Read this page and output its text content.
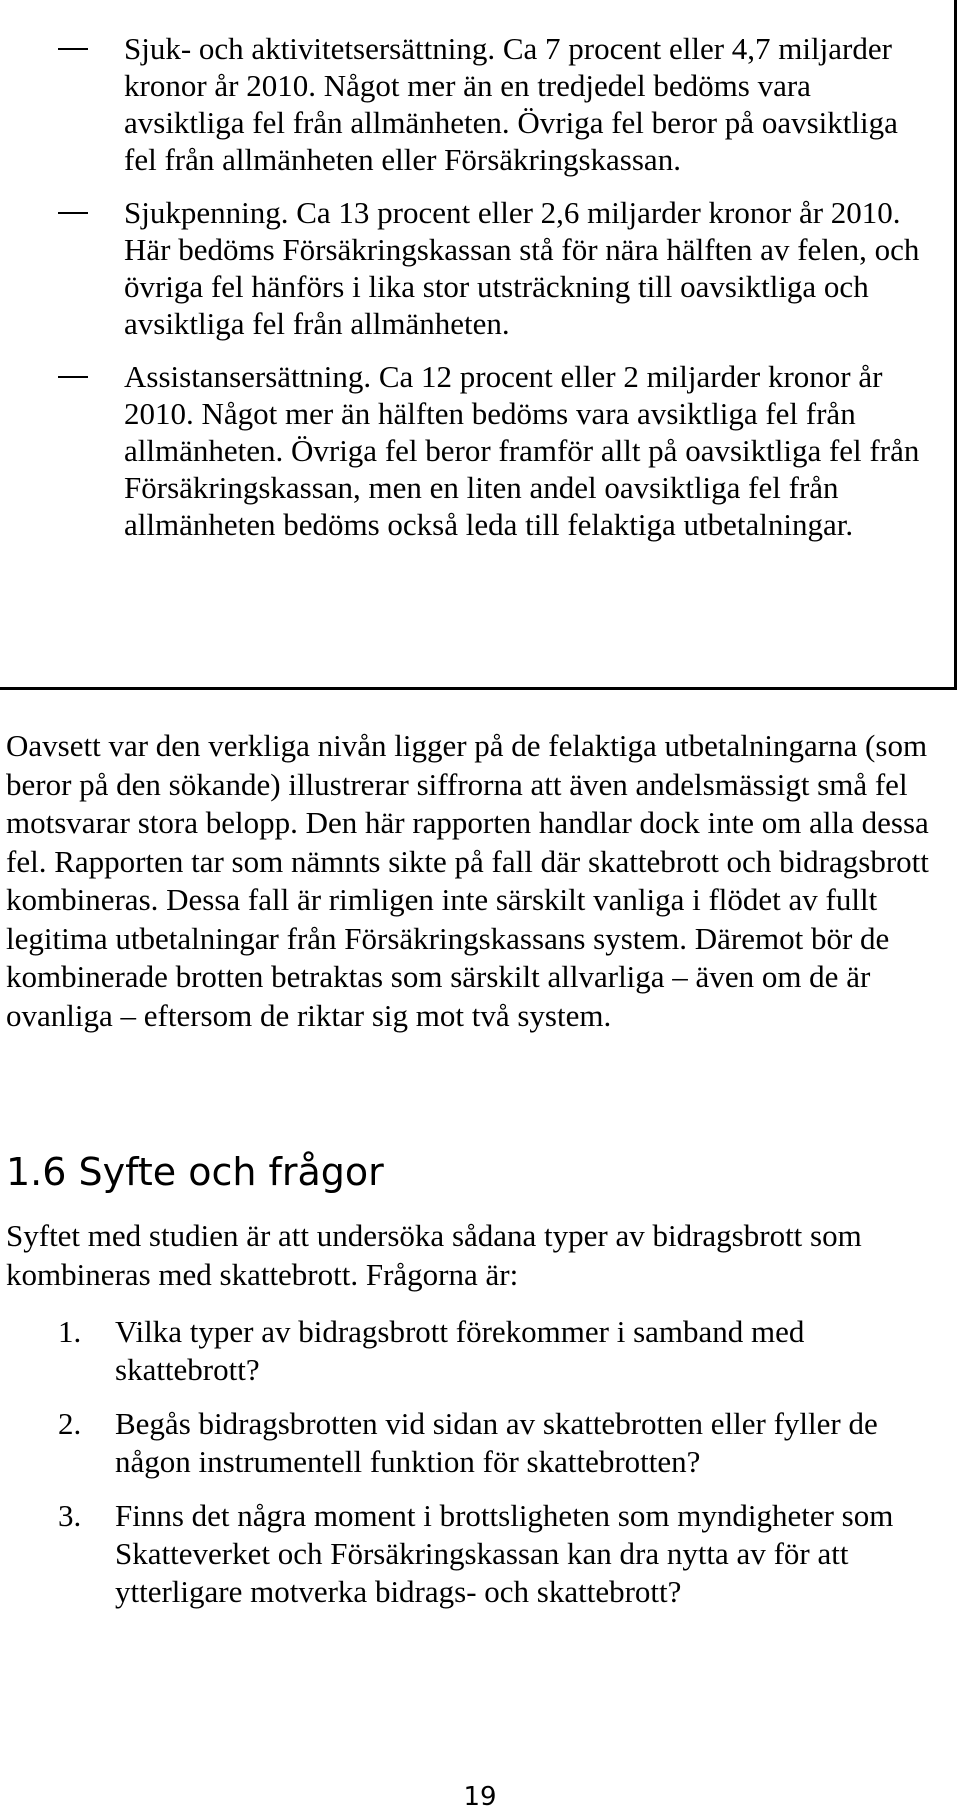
Sjuk- och aktivitetsersättning. Ca 7 procent eller 4,7 miljarder kronor år 2010. Något mer än en tredjedel bedöms vara avsiktliga fel från allmänheten. Övriga fel beror på oavsiktliga fel från allmänheten eller Försäkringskassan.
Sjukpenning. Ca 13 procent eller 2,6 miljarder kronor år 2010. Här bedöms Försäkringskassan stå för nära hälften av felen, och övriga fel hänförs i lika stor utsträckning till oavsiktliga och avsiktliga fel från allmänheten.
Assistansersättning. Ca 12 procent eller 2 miljarder kronor år 2010. Något mer än hälften bedöms vara avsiktliga fel från allmänheten. Övriga fel beror framför allt på oavsiktliga fel från Försäkringskassan, men en liten andel oavsiktliga fel från allmänheten bedöms också leda till felaktiga utbetalningar.

Oavsett var den verkliga nivån ligger på de felaktiga utbetalningarna (som beror på den sökande) illustrerar siffrorna att även andelsmässigt små fel motsvarar stora belopp. Den här rapporten handlar dock inte om alla dessa fel. Rapporten tar som nämnts sikte på fall där skattebrott och bidragsbrott kombineras. Dessa fall är rimligen inte särskilt vanliga i flödet av fullt legitima utbetalningar från Försäkringskassans system. Däremot bör de kombinerade brotten betraktas som särskilt allvarliga – även om de är ovanliga – eftersom de riktar sig mot två system.

1.6 Syfte och frågor

Syftet med studien är att undersöka sådana typer av bidragsbrott som kombineras med skattebrott. Frågorna är:

1. Vilka typer av bidragsbrott förekommer i samband med skattebrott?
2. Begås bidragsbrotten vid sidan av skattebrotten eller fyller de någon instrumentell funktion för skattebrotten?
3. Finns det några moment i brottsligheten som myndigheter som Skatteverket och Försäkringskassan kan dra nytta av för att ytterligare motverka bidrags- och skattebrott?
19
